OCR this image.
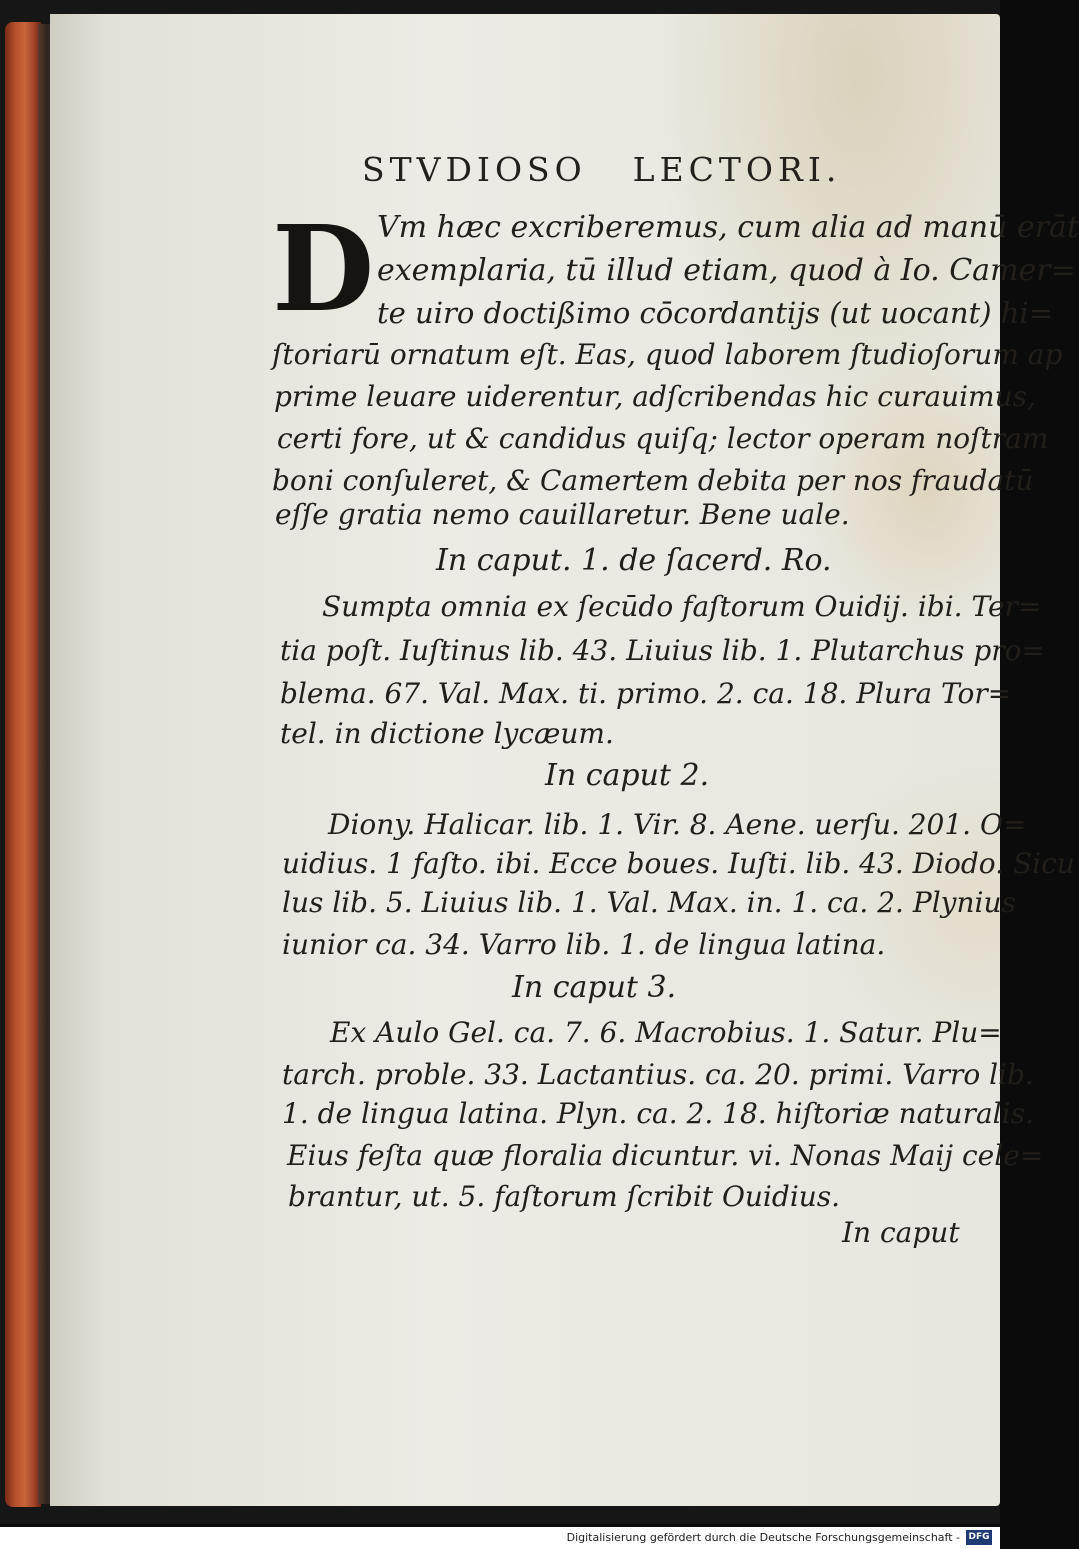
STVDIOSO LECTORI.
D Vm hæc excriberemus, cum alia ad manū erāt
exemplaria, tū illud etiam, quod à Io. Camer=
te uiro doctißimo cōcordantijs (ut uocant) hi=
ſtoriarū ornatum eſt. Eas, quod laborem ſtudioſorum ap
prime leuare uiderentur, adſcribendas hic curauimus,
certi fore, ut & candidus quiſq; lector operam noſtram
boni conſuleret, & Camertem debita per nos fraudatū
eſſe gratia nemo cauillaretur. Bene uale.
In caput. 1. de ſacerd. Ro.
Sumpta omnia ex ſecūdo faſtorum Ouidij. ibi. Ter=
tia poſt. Iuſtinus lib. 43. Liuius lib. 1. Plutarchus pro=
blema. 67. Val. Max. ti. primo. 2. ca. 18. Plura Tor=
tel. in dictione lycæum.
In caput 2.
Diony. Halicar. lib. 1. Vir. 8. Aene. uerſu. 201. O=
uidius. 1 faſto. ibi. Ecce boues. Iuſti. lib. 43. Diodo. Sicu
lus lib. 5. Liuius lib. 1. Val. Max. in. 1. ca. 2. Plynius
iunior ca. 34. Varro lib. 1. de lingua latina.
In caput 3.
Ex Aulo Gel. ca. 7. 6. Macrobius. 1. Satur. Plu=
tarch. proble. 33. Lactantius. ca. 20. primi. Varro lib.
1. de lingua latina. Plyn. ca. 2. 18. hiſtoriæ naturalis.
Eius feſta quæ floralia dicuntur. vi. Nonas Maij cele=
brantur, ut. 5. faſtorum ſcribit Ouidius.
In caput
Digitalisierung gefördert durch die Deutsche Forschungsgemeinschaft - DFG
